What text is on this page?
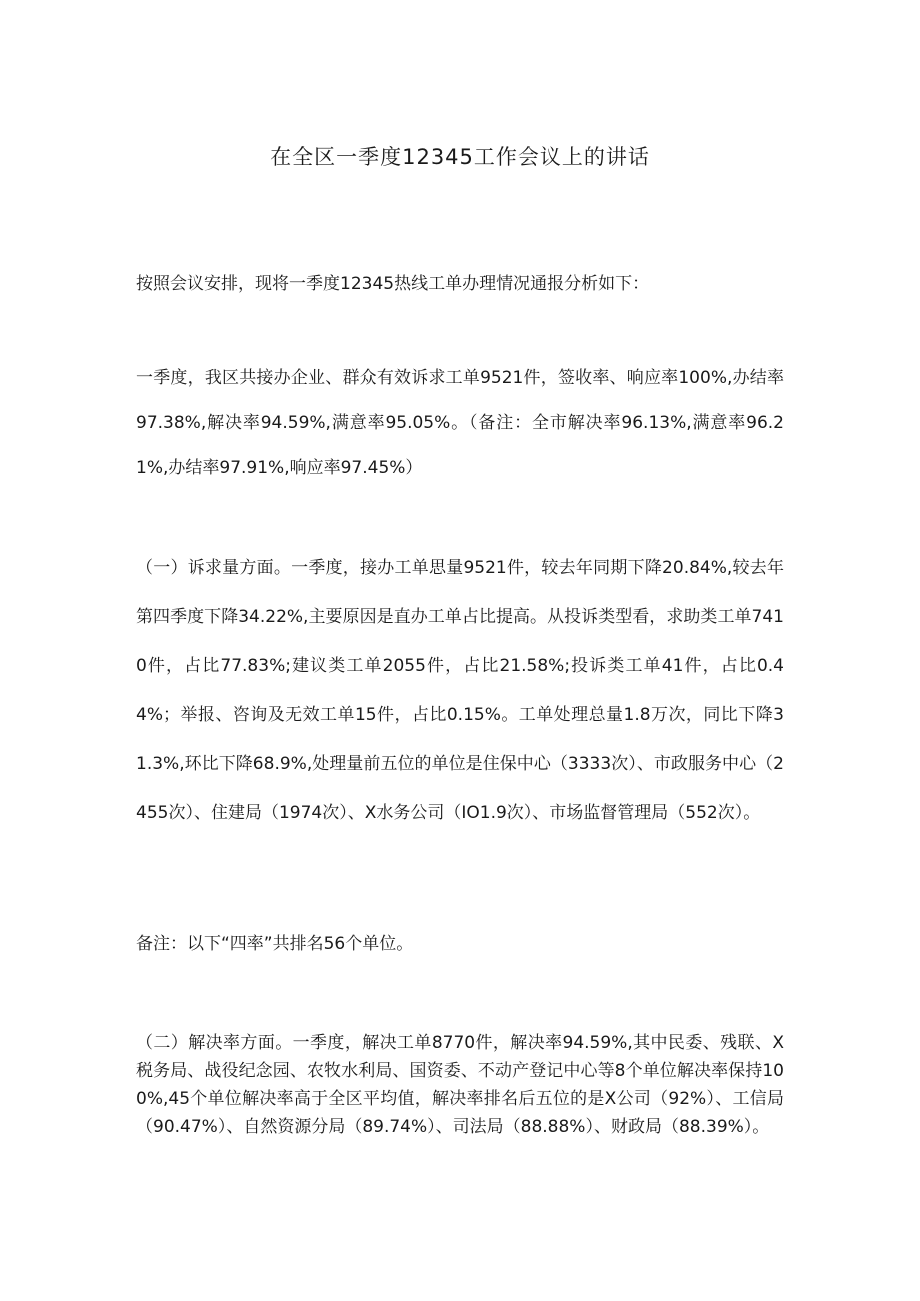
在全区一季度12345工作会议上的讲话

按照会议安排，现将一季度12345热线工单办理情况通报分析如下：

一季度，我区共接办企业、群众有效诉求工单9521件，签收率、响应率100%,办结率97.38%,解决率94.59%,满意率95.05%。（备注：全市解决率96.13%,满意率96.21%,办结率97.91%,响应率97.45%）

（一）诉求量方面。一季度，接办工单思量9521件，较去年同期下降20.84%,较去年第四季度下降34.22%,主要原因是直办工单占比提高。从投诉类型看，求助类工单7410件，占比77.83%;建议类工单2055件，占比21.58%;投诉类工单41件，占比0.44%；举报、咨询及无效工单15件，占比0.15%。工单处理总量1.8万次，同比下降31.3%,环比下降68.9%,处理量前五位的单位是住保中心（3333次）、市政服务中心（2455次）、住建局（1974次）、X水务公司（IO1.9次）、市场监督管理局（552次）。

备注：以下“四率”共排名56个单位。

（二）解决率方面。一季度，解决工单8770件，解决率94.59%,其中民委、残联、X税务局、战役纪念园、农牧水利局、国资委、不动产登记中心等8个单位解决率保持100%,45个单位解决率高于全区平均值，解决率排名后五位的是X公司（92%）、工信局（90.47%）、自然资源分局（89.74%）、司法局（88.88%）、财政局（88.39%）。
